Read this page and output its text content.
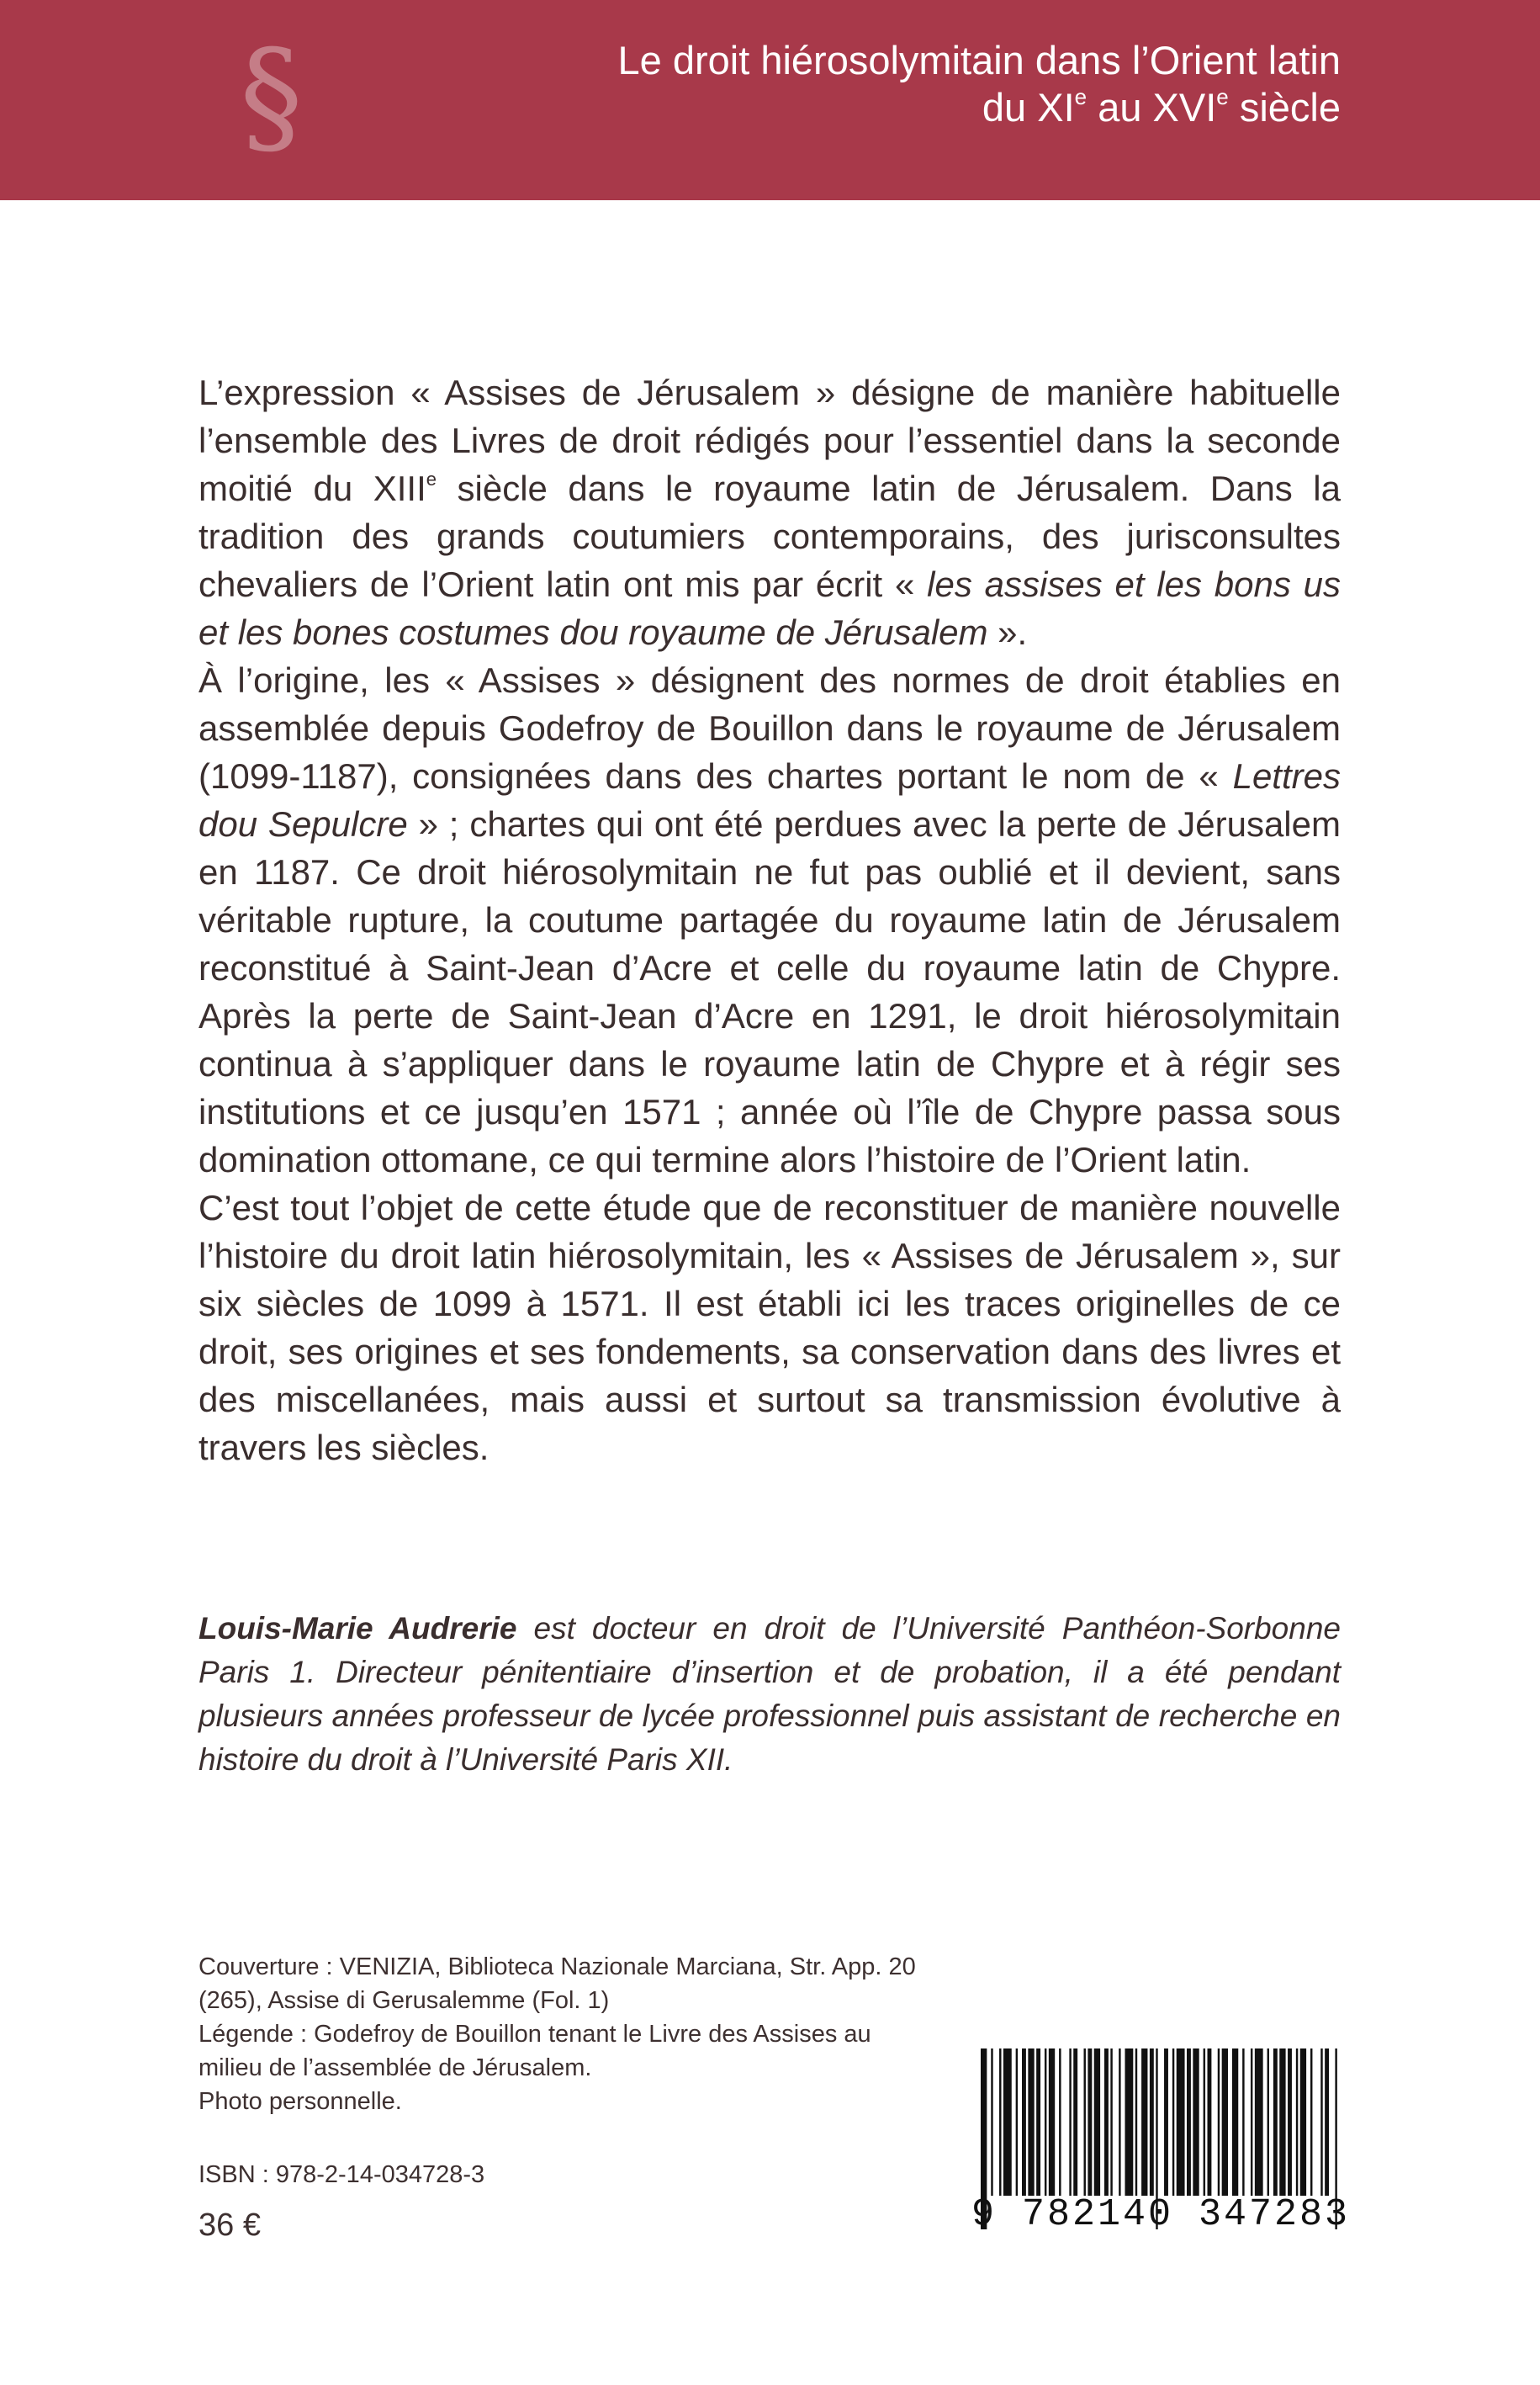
§	Le droit hiérosolymitain dans l’Orient latin
du XIe au XVIe siècle

L’expression « Assises de Jérusalem » désigne de manière habituelle l’ensemble des Livres de droit rédigés pour l’essentiel dans la seconde moitié du XIIIe siècle dans le royaume latin de Jérusalem. Dans la tradition des grands coutumiers contemporains, des jurisconsultes chevaliers de l’Orient latin ont mis par écrit « les assises et les bons us et les bones costumes dou royaume de Jérusalem ».

À l’origine, les « Assises » désignent des normes de droit établies en assemblée depuis Godefroy de Bouillon dans le royaume de Jérusalem (1099-1187), consignées dans des chartes portant le nom de « Lettres dou Sepulcre » ; chartes qui ont été perdues avec la perte de Jérusalem en 1187. Ce droit hiérosolymitain ne fut pas oublié et il devient, sans véritable rupture, la coutume partagée du royaume latin de Jérusalem reconstitué à Saint-Jean d’Acre et celle du royaume latin de Chypre. Après la perte de Saint-Jean d’Acre en 1291, le droit hiérosolymitain continua à s’appliquer dans le royaume latin de Chypre et à régir ses institutions et ce jusqu’en 1571 ; année où l’île de Chypre passa sous domination ottomane, ce qui termine alors l’histoire de l’Orient latin.

C’est tout l’objet de cette étude que de reconstituer de manière nouvelle l’histoire du droit latin hiérosolymitain, les « Assises de Jérusalem », sur six siècles de 1099 à 1571. Il est établi ici les traces originelles de ce droit, ses origines et ses fondements, sa conservation dans des livres et des miscellanées, mais aussi et surtout sa transmission évolutive à travers les siècles.

Louis-Marie Audrerie est docteur en droit de l’Université Panthéon-Sorbonne Paris 1. Directeur pénitentiaire d’insertion et de probation, il a été pendant plusieurs années professeur de lycée professionnel puis assistant de recherche en histoire du droit à l’Université Paris XII.
Couverture : VENIZIA, Biblioteca Nazionale Marciana, Str. App. 20
(265), Assise di Gerusalemme (Fol. 1)
Légende : Godefroy de Bouillon tenant le Livre des Assises au
milieu de l’assemblée de Jérusalem.
Photo personnelle.
ISBN : 978-2-14-034728-3
36 €	9 782140 347283
